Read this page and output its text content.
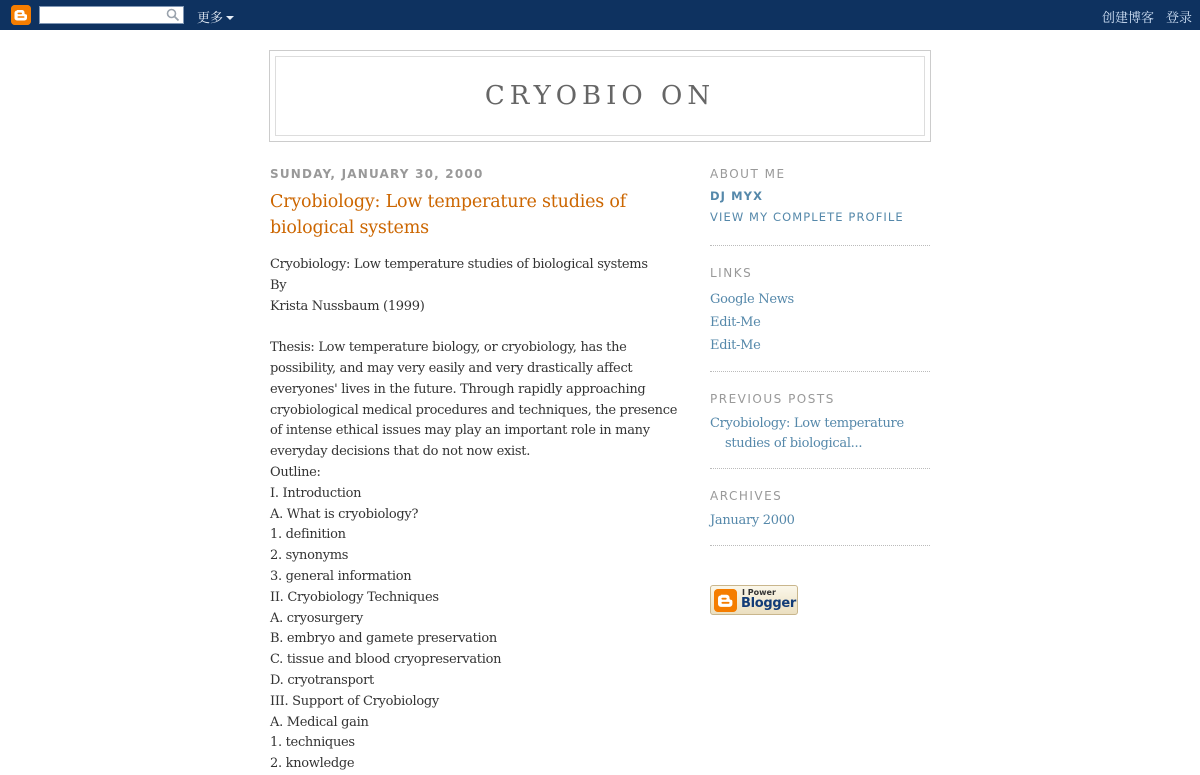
更多	创建博客 登录
CRYOBIO ON
SUNDAY, JANUARY 30, 2000
Cryobiology: Low temperature studies of biological systems
Cryobiology: Low temperature studies of biological systems
By
Krista Nussbaum (1999)
Thesis: Low temperature biology, or cryobiology, has the possibility, and may very easily and very drastically affect everyones' lives in the future. Through rapidly approaching cryobiological medical procedures and techniques, the presence of intense ethical issues may play an important role in many everyday decisions that do not now exist.
Outline:
I. Introduction
A. What is cryobiology?
1. definition
2. synonyms
3. general information
II. Cryobiology Techniques
A. cryosurgery
B. embryo and gamete preservation
C. tissue and blood cryopreservation
D. cryotransport
III. Support of Cryobiology
A. Medical gain
1. techniques
2. knowledge
ABOUT ME
DJ MYX
VIEW MY COMPLETE PROFILE
LINKS
Google News
Edit-Me
Edit-Me
PREVIOUS POSTS
Cryobiology: Low temperature studies of biological...
ARCHIVES
January 2000
I Power
Blogger
